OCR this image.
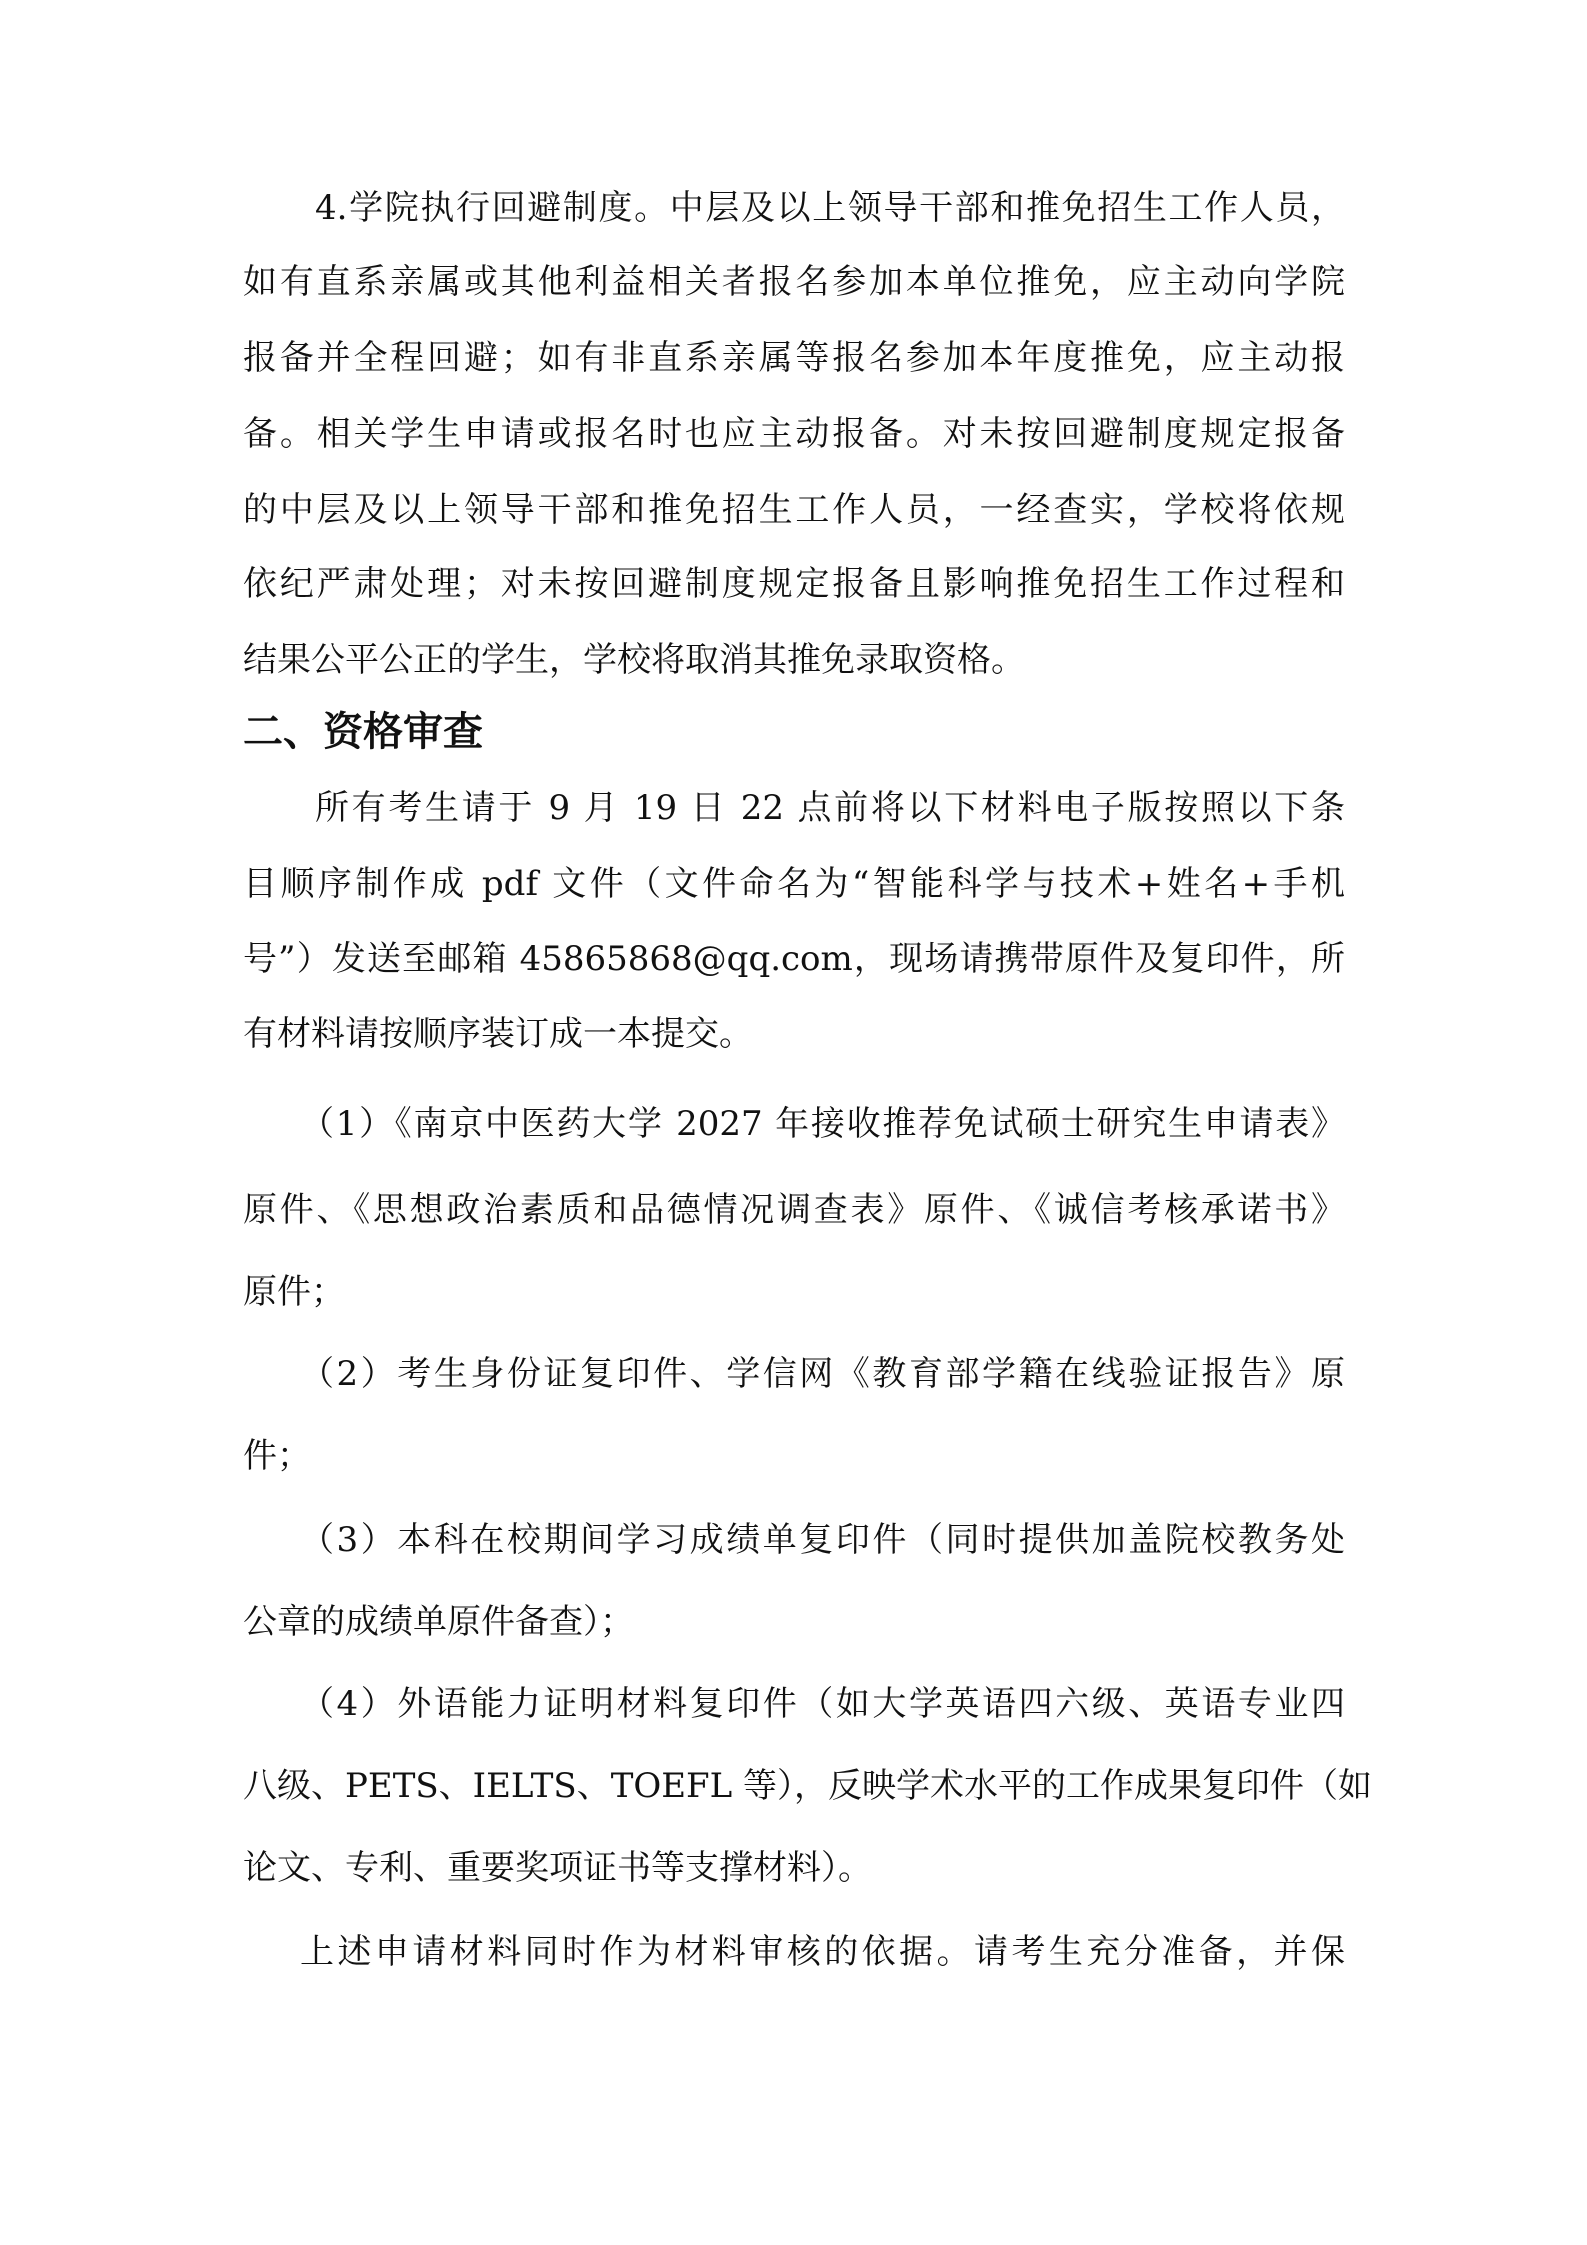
4.学院执行回避制度。中层及以上领导干部和推免招生工作人员，
如有直系亲属或其他利益相关者报名参加本单位推免，应主动向学院
报备并全程回避；如有非直系亲属等报名参加本年度推免，应主动报
备。相关学生申请或报名时也应主动报备。对未按回避制度规定报备
的中层及以上领导干部和推免招生工作人员，一经查实，学校将依规
依纪严肃处理；对未按回避制度规定报备且影响推免招生工作过程和
结果公平公正的学生，学校将取消其推免录取资格。
二、资格审查
所有考生请于 9 月 19 日 22 点前将以下材料电子版按照以下条
目顺序制作成 pdf 文件（文件命名为“智能科学与技术+姓名+手机
号”）发送至邮箱 45865868@qq.com，现场请携带原件及复印件，所
有材料请按顺序装订成一本提交。
（1）《南京中医药大学 2027 年接收推荐免试硕士研究生申请表》
原件、《思想政治素质和品德情况调查表》原件、《诚信考核承诺书》
原件；
（2）考生身份证复印件、学信网《教育部学籍在线验证报告》原
件；
（3）本科在校期间学习成绩单复印件（同时提供加盖院校教务处
公章的成绩单原件备查）；
（4）外语能力证明材料复印件（如大学英语四六级、英语专业四
八级、PETS、IELTS、TOEFL 等），反映学术水平的工作成果复印件（如
论文、专利、重要奖项证书等支撑材料）。
上述申请材料同时作为材料审核的依据。请考生充分准备，并保
